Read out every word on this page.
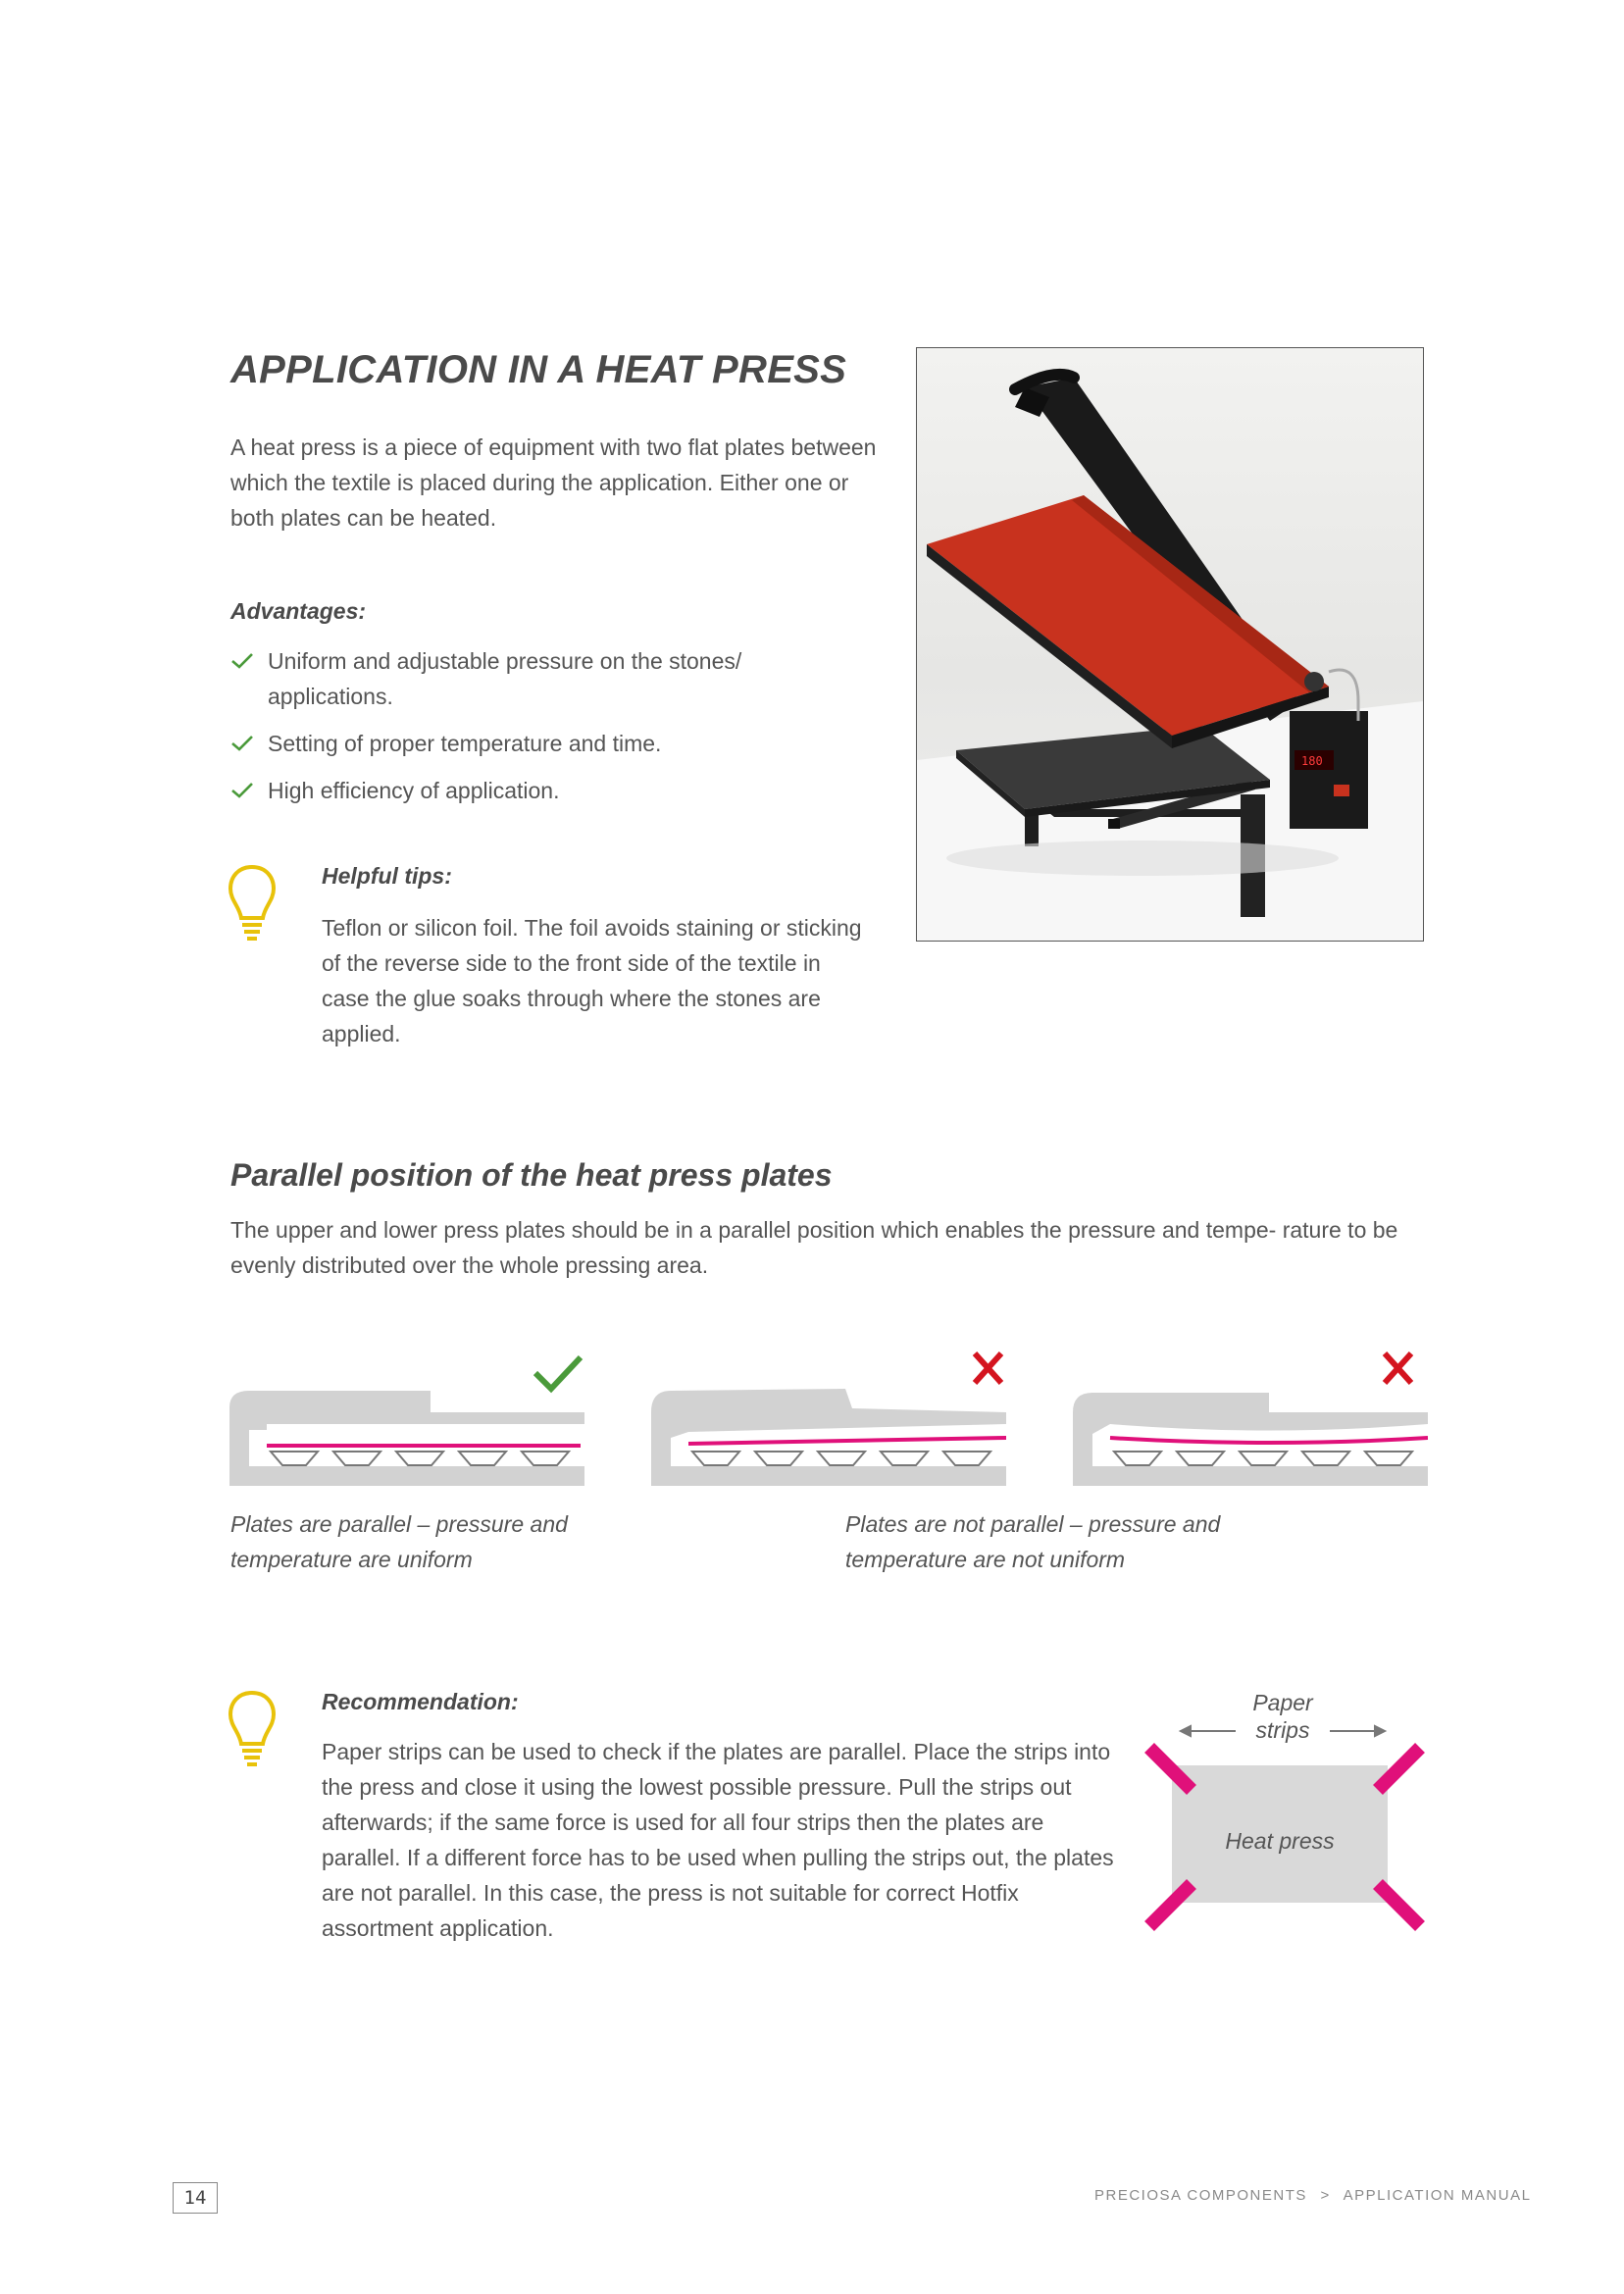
APPLICATION IN A HEAT PRESS
A heat press is a piece of equipment with two flat plates between which the textile is placed during the application. Either one or both plates can be heated.
Advantages:
Uniform and adjustable pressure on the stones/ applications.
Setting of proper temperature and time.
High efficiency of application.
Helpful tips:
Teflon or silicon foil. The foil avoids staining or sticking of the reverse side to the front side of the textile in case the glue soaks through where the stones are applied.
180
Parallel position of the heat press plates
The upper and lower press plates should be in a parallel position which enables the pressure and tempe- rature to be evenly distributed over the whole pressing area.
Plates are parallel – pressure and temperature are uniform
Plates are not parallel – pressure and temperature are not uniform
Recommendation:
Paper strips can be used to check if the plates are parallel. Place the strips into the press and close it using the lowest possible pressure. Pull the strips out afterwards; if the same force is used for all four strips then the plates are parallel. If a different force has to be used when pulling the strips out, the plates are not parallel. In this case, the press is not suitable for correct Hotfix assortment application.
Heat press
Paper
strips
14	PRECIOSA COMPONENTS > APPLICATION MANUAL
